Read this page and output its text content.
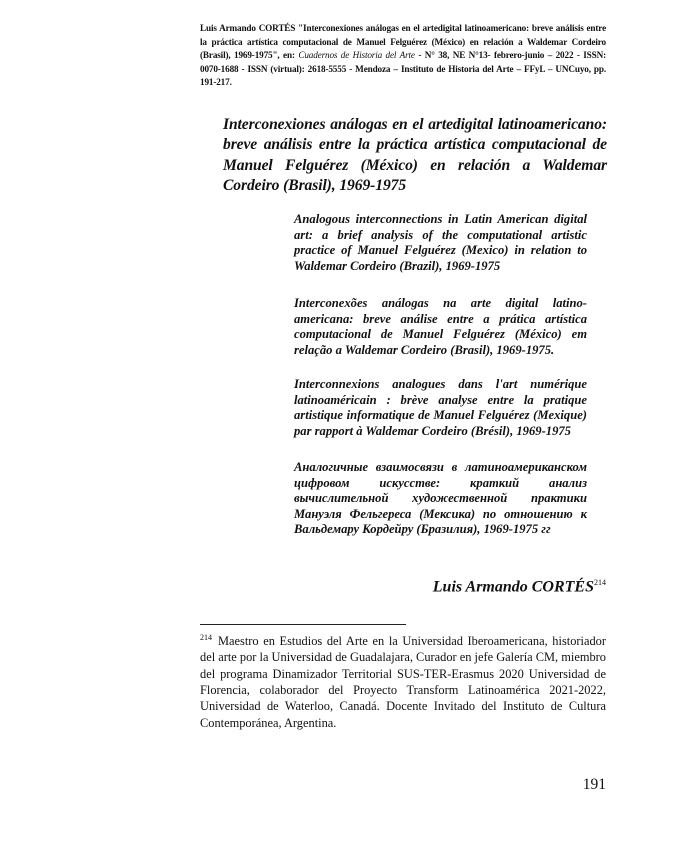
Luis Armando CORTÉS "Interconexiones análogas en el artedigital latinoamericano: breve análisis entre la práctica artística computacional de Manuel Felguérez (México) en relación a Waldemar Cordeiro (Brasil), 1969-1975", en: Cuadernos de Historia del Arte - N° 38, NE N°13- febrero-junio – 2022 - ISSN: 0070-1688 - ISSN (virtual): 2618-5555 - Mendoza – Instituto de Historia del Arte – FFyL – UNCuyo, pp. 191-217.
Interconexiones análogas en el artedigital latinoamericano: breve análisis entre la práctica artística computacional de Manuel Felguérez (México) en relación a Waldemar Cordeiro (Brasil), 1969-1975
Analogous interconnections in Latin American digital art: a brief analysis of the computational artistic practice of Manuel Felguérez (Mexico) in relation to Waldemar Cordeiro (Brazil), 1969-1975
Interconexões análogas na arte digital latino-americana: breve análise entre a prática artística computacional de Manuel Felguérez (México) em relação a Waldemar Cordeiro (Brasil), 1969-1975.
Interconnexions analogues dans l'art numérique latinoaméricain : brève analyse entre la pratique artistique informatique de Manuel Felguérez (Mexique) par rapport à Waldemar Cordeiro (Brésil), 1969-1975
Аналогичные взаимосвязи в латиноамериканском цифровом искусстве: краткий анализ вычислительной художественной практики Мануэля Фельгереса (Мексика) по отношению к Вальдемару Кордейру (Бразилия), 1969-1975 гг
Luis Armando CORTÉS$^{214}$
$^{214}$ Maestro en Estudios del Arte en la Universidad Iberoamericana, historiador del arte por la Universidad de Guadalajara, Curador en jefe Galería CM, miembro del programa Dinamizador Territorial SUS-TER-Erasmus 2020 Universidad de Florencia, colaborador del Proyecto Transform Latinoamérica 2021-2022, Universidad de Waterloo, Canadá. Docente Invitado del Instituto de Cultura Contemporánea, Argentina.
191
